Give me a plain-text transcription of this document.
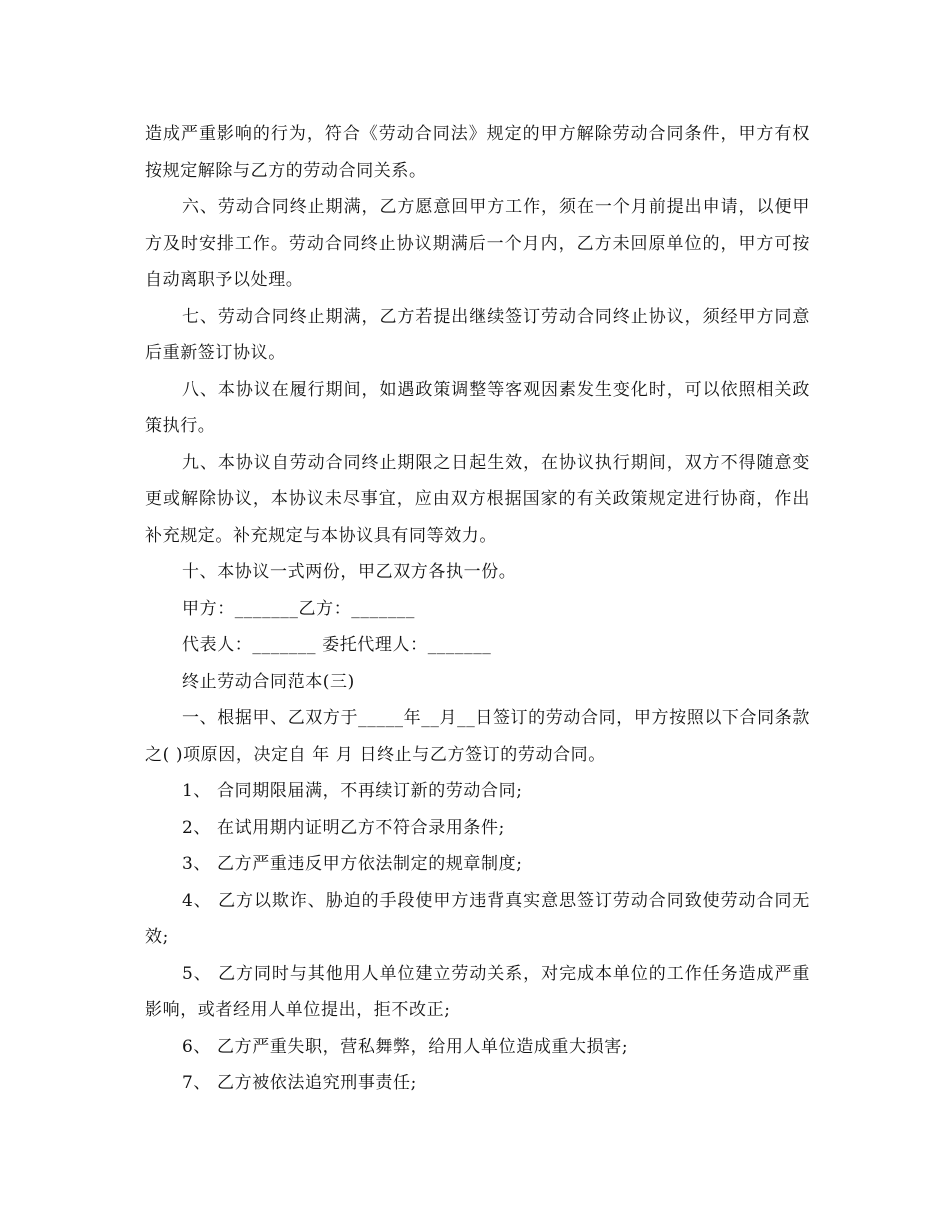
造成严重影响的行为，符合《劳动合同法》规定的甲方解除劳动合同条件，甲方有权按规定解除与乙方的劳动合同关系。

六、劳动合同终止期满，乙方愿意回甲方工作，须在一个月前提出申请，以便甲方及时安排工作。劳动合同终止协议期满后一个月内，乙方未回原单位的，甲方可按自动离职予以处理。

七、劳动合同终止期满，乙方若提出继续签订劳动合同终止协议，须经甲方同意后重新签订协议。

八、本协议在履行期间，如遇政策调整等客观因素发生变化时，可以依照相关政策执行。

九、本协议自劳动合同终止期限之日起生效，在协议执行期间，双方不得随意变更或解除协议，本协议未尽事宜，应由双方根据国家的有关政策规定进行协商，作出补充规定。补充规定与本协议具有同等效力。

十、本协议一式两份，甲乙双方各执一份。

甲方：_______乙方：_______

代表人：_______ 委托代理人：_______

终止劳动合同范本(三)

一、根据甲、乙双方于_____年__月__日签订的劳动合同，甲方按照以下合同条款之( )项原因，决定自 年 月 日终止与乙方签订的劳动合同。

1、 合同期限届满，不再续订新的劳动合同;

2、 在试用期内证明乙方不符合录用条件;

3、 乙方严重违反甲方依法制定的规章制度;

4、 乙方以欺诈、胁迫的手段使甲方违背真实意思签订劳动合同致使劳动合同无效;

5、 乙方同时与其他用人单位建立劳动关系，对完成本单位的工作任务造成严重影响，或者经用人单位提出，拒不改正;

6、 乙方严重失职，营私舞弊，给用人单位造成重大损害;

7、 乙方被依法追究刑事责任;
